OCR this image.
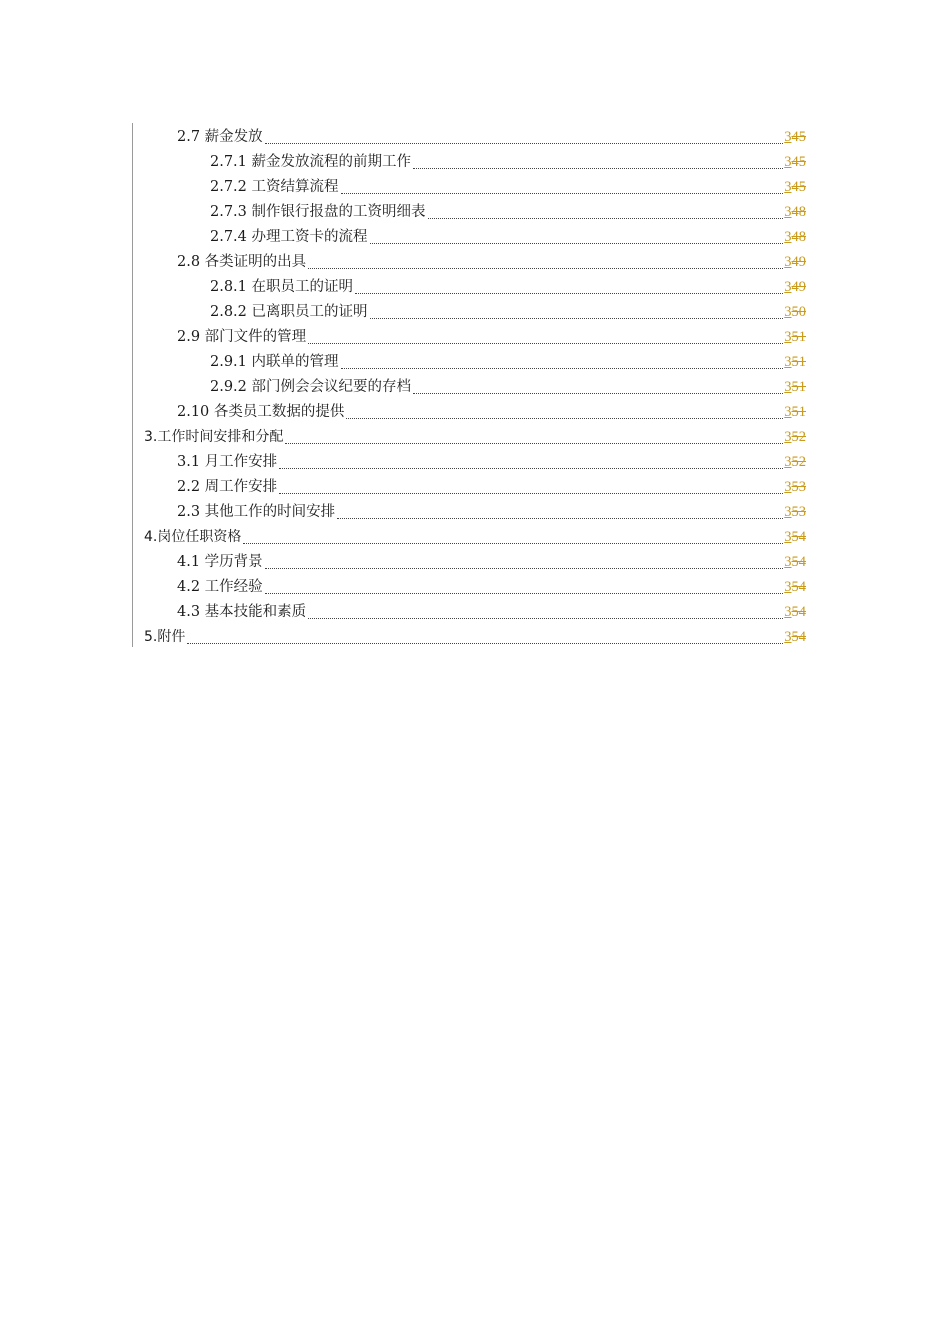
2.7 薪金发放	345
2.7.1 薪金发放流程的前期工作	345
2.7.2 工资结算流程	345
2.7.3 制作银行报盘的工资明细表	348
2.7.4 办理工资卡的流程	348
2.8 各类证明的出具	349
2.8.1 在职员工的证明	349
2.8.2 已离职员工的证明	350
2.9 部门文件的管理	351
2.9.1 内联单的管理	351
2.9.2 部门例会会议纪要的存档	351
2.10 各类员工数据的提供	351
3.工作时间安排和分配	352
3.1 月工作安排	352
2.2 周工作安排	353
2.3 其他工作的时间安排	353
4.岗位任职资格	354
4.1 学历背景	354
4.2 工作经验	354
4.3 基本技能和素质	354
5.附件	354
